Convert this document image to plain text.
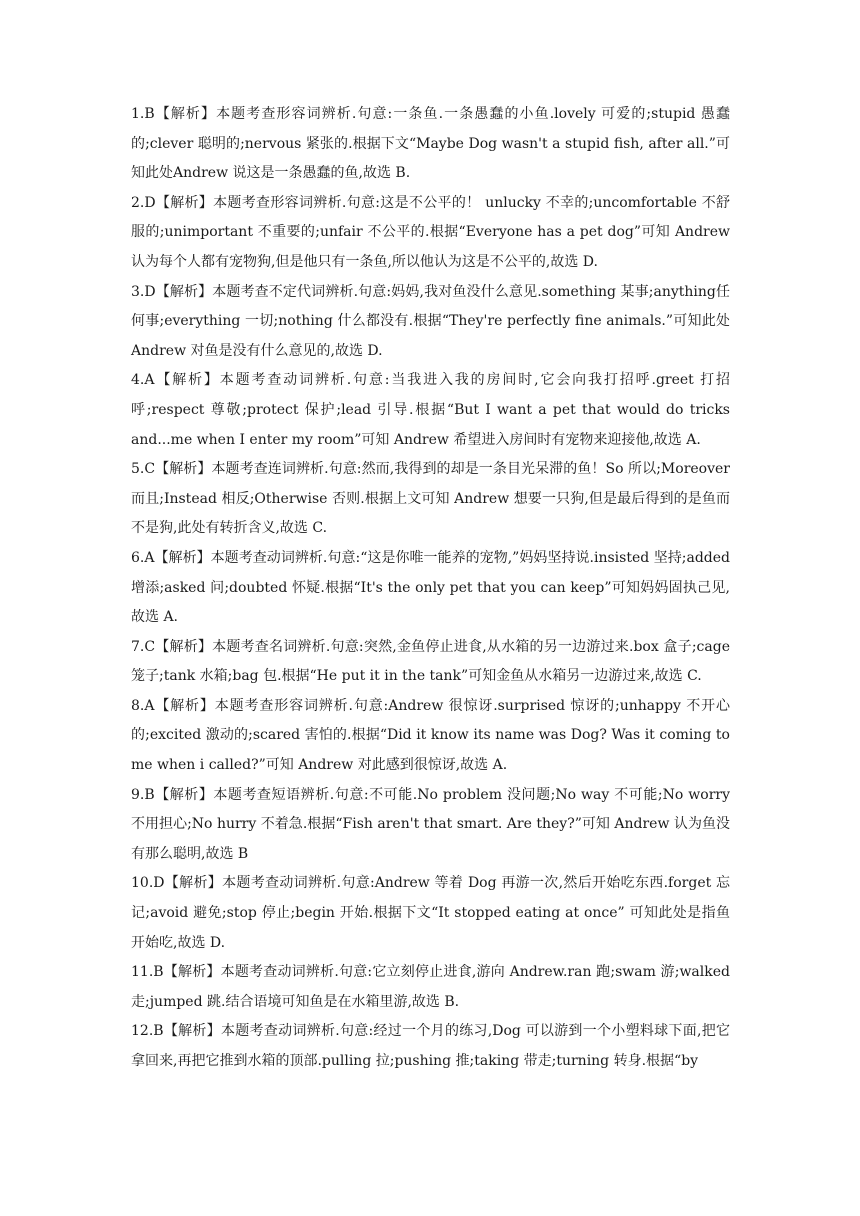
1.B【解析】本题考查形容词辨析.句意:一条鱼.一条愚蠢的小鱼.lovely 可爱的;stupid 愚蠢的;clever 聪明的;nervous 紧张的.根据下文“Maybe Dog wasn't a stupid fish, after all.”可知此处Andrew 说这是一条愚蠢的鱼,故选 B.

2.D【解析】本题考查形容词辨析.句意:这是不公平的！ unlucky 不幸的;uncomfortable 不舒服的;unimportant 不重要的;unfair 不公平的.根据“Everyone has a pet dog”可知 Andrew 认为每个人都有宠物狗,但是他只有一条鱼,所以他认为这是不公平的,故选 D.

3.D【解析】本题考查不定代词辨析.句意:妈妈,我对鱼没什么意见.something 某事;anything任何事;everything 一切;nothing 什么都没有.根据“They're perfectly fine animals.”可知此处Andrew 对鱼是没有什么意见的,故选 D.

4.A【解析】本题考查动词辨析.句意:当我进入我的房间时,它会向我打招呼.greet 打招呼;respect 尊敬;protect 保护;lead 引导.根据“But I want a pet that would do tricks and...me when I enter my room”可知 Andrew 希望进入房间时有宠物来迎接他,故选 A.

5.C【解析】本题考查连词辨析.句意:然而,我得到的却是一条目光呆滞的鱼！So 所以;Moreover而且;Instead 相反;Otherwise 否则.根据上文可知 Andrew 想要一只狗,但是最后得到的是鱼而不是狗,此处有转折含义,故选 C.

6.A【解析】本题考查动词辨析.句意:“这是你唯一能养的宠物,”妈妈坚持说.insisted 坚持;added 增添;asked 问;doubted 怀疑.根据“It's the only pet that you can keep”可知妈妈固执己见,故选 A.

7.C【解析】本题考查名词辨析.句意:突然,金鱼停止进食,从水箱的另一边游过来.box 盒子;cage 笼子;tank 水箱;bag 包.根据“He put it in the tank”可知金鱼从水箱另一边游过来,故选 C.

8.A【解析】本题考查形容词辨析.句意:Andrew 很惊讶.surprised 惊讶的;unhappy 不开心的;excited 激动的;scared 害怕的.根据“Did it know its name was Dog? Was it coming to me when i called?”可知 Andrew 对此感到很惊讶,故选 A.

9.B【解析】本题考查短语辨析.句意:不可能.No problem 没问题;No way 不可能;No worry 不用担心;No hurry 不着急.根据“Fish aren't that smart. Are they?”可知 Andrew 认为鱼没有那么聪明,故选 B

10.D【解析】本题考查动词辨析.句意:Andrew 等着 Dog 再游一次,然后开始吃东西.forget 忘记;avoid 避免;stop 停止;begin 开始.根据下文“It stopped eating at once” 可知此处是指鱼开始吃,故选 D.

11.B【解析】本题考查动词辨析.句意:它立刻停止进食,游向 Andrew.ran 跑;swam 游;walked走;jumped 跳.结合语境可知鱼是在水箱里游,故选 B.

12.B【解析】本题考查动词辨析.句意:经过一个月的练习,Dog 可以游到一个小塑料球下面,把它拿回来,再把它推到水箱的顶部.pulling 拉;pushing 推;taking 带走;turning 转身.根据“by
